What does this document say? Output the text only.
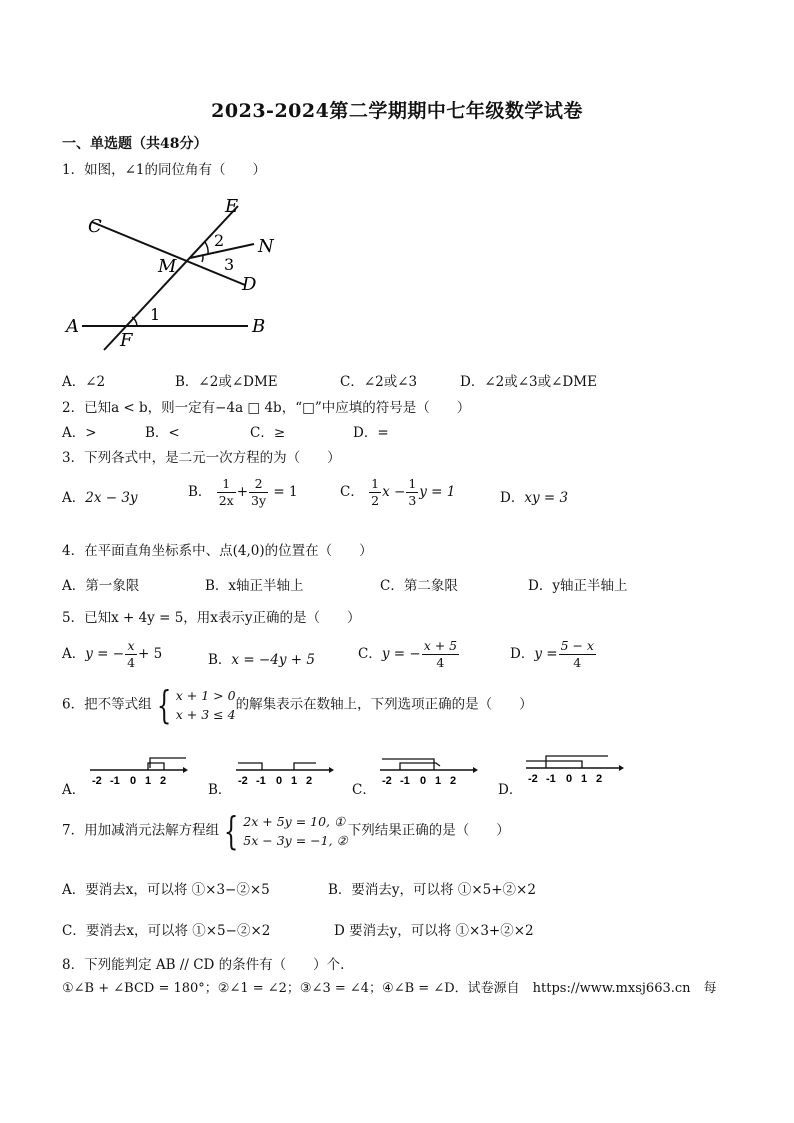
2023-2024第二学期期中七年级数学试卷
一、单选题（共48分）
1．如图，∠1的同位角有（　　）
E
C
N
M
D
A	B
F
1
2
3
A．∠2	B．∠2或∠DME	C．∠2或∠3	D．∠2或∠3或∠DME
2．已知a < b，则一定有−4a □ 4b，“□”中应填的符号是（　　）
A．>	B．<	C．≥	D．=
3．下列各式中，是二元一次方程的为（　　）
A．2x − 3y	B． $\frac{1}{2x} + \frac{2}{3y} = 1$	C． $\frac{1}{2}$ $x - \frac{1}{3}$ y = 1	D．xy = 3
4．在平面直角坐标系中、点(4,0)的位置在（　　）
A．第一象限	B．x轴正半轴上	C．第二象限	D．y轴正半轴上
5．已知x + 4y = 5，用x表示y正确的是（　　）
A．y = − $\frac{x}{4} + 5$	B．x = −4y + 5	C．y = − $\frac{x + 5}{4}$	D．$y = \frac{5 - x}{4}$
6．把不等式组 { x + 1 > 0
x + 3 ≤ 4
的解集表示在数轴上，下列选项正确的是（　　）
A．
-2 -1 0 1 2
B．
-2 -1 0 1 2
C．
-2 -1 0 1 2
D．
-2 -1 0 1 2
7．用加减消元法解方程组 { 2x + 5y = 10, ①
5x − 3y = −1, ②
下列结果正确的是（　　）
A．要消去x，可以将 ①×3−②×5	B．要消去y，可以将 ①×5+②×2
C．要消去x，可以将 ①×5−②×2	D 要消去y，可以将 ①×3+②×2
8．下列能判定 AB // CD 的条件有（　　）个.
①∠B + ∠BCD = 180°；②∠1 = ∠2；③∠3 = ∠4；④∠B = ∠D．试卷源自　https://www.mxsj663.cn　每
